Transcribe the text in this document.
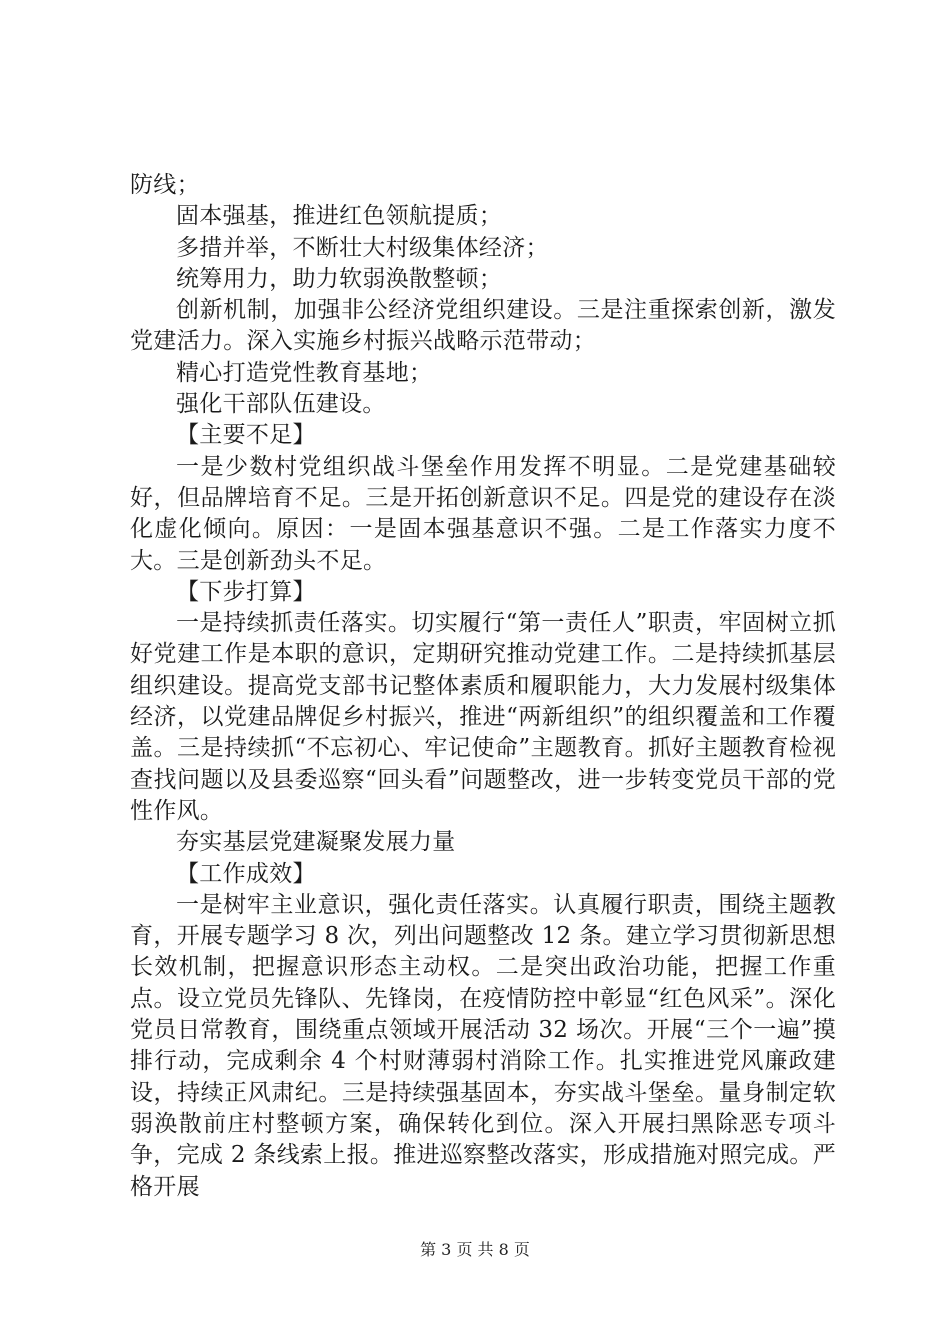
防线；

固本强基，推进红色领航提质；

多措并举，不断壮大村级集体经济；

统筹用力，助力软弱涣散整顿；

创新机制，加强非公经济党组织建设。三是注重探索创新，激发党建活力。深入实施乡村振兴战略示范带动；

精心打造党性教育基地；

强化干部队伍建设。

【主要不足】

一是少数村党组织战斗堡垒作用发挥不明显。二是党建基础较好，但品牌培育不足。三是开拓创新意识不足。四是党的建设存在淡化虚化倾向。原因：一是固本强基意识不强。二是工作落实力度不大。三是创新劲头不足。

【下步打算】

一是持续抓责任落实。切实履行“第一责任人”职责，牢固树立抓好党建工作是本职的意识，定期研究推动党建工作。二是持续抓基层组织建设。提高党支部书记整体素质和履职能力，大力发展村级集体经济，以党建品牌促乡村振兴，推进“两新组织”的组织覆盖和工作覆盖。三是持续抓“不忘初心、牢记使命”主题教育。抓好主题教育检视查找问题以及县委巡察“回头看”问题整改，进一步转变党员干部的党性作风。

夯实基层党建凝聚发展力量

【工作成效】

一是树牢主业意识，强化责任落实。认真履行职责，围绕主题教育，开展专题学习 8 次，列出问题整改 12 条。建立学习贯彻新思想长效机制，把握意识形态主动权。二是突出政治功能，把握工作重点。设立党员先锋队、先锋岗，在疫情防控中彰显“红色风采”。深化党员日常教育，围绕重点领域开展活动 32 场次。开展“三个一遍”摸排行动，完成剩余 4 个村财薄弱村消除工作。扎实推进党风廉政建设，持续正风肃纪。三是持续强基固本，夯实战斗堡垒。量身制定软弱涣散前庄村整顿方案，确保转化到位。深入开展扫黑除恶专项斗争，完成 2 条线索上报。推进巡察整改落实，形成措施对照完成。严格开展

第 3 页 共 8 页
